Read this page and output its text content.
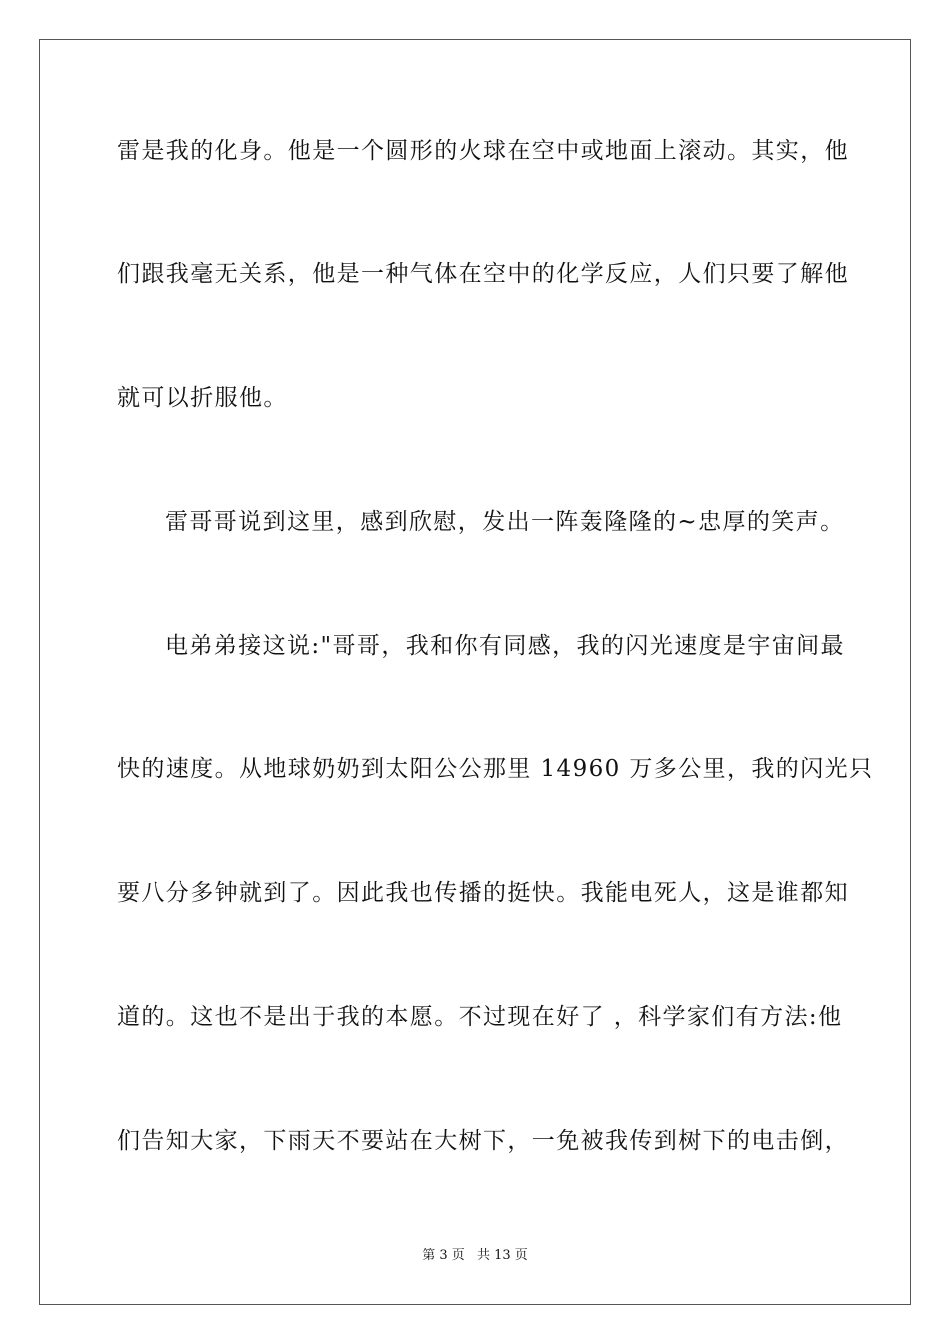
雷是我的化身。他是一个圆形的火球在空中或地面上滚动。其实，他
们跟我毫无关系，他是一种气体在空中的化学反应，人们只要了解他
就可以折服他。
雷哥哥说到这里，感到欣慰，发出一阵轰隆隆的~忠厚的笑声。
电弟弟接这说:"哥哥，我和你有同感，我的闪光速度是宇宙间最
快的速度。从地球奶奶到太阳公公那里 14960 万多公里，我的闪光只
要八分多钟就到了。因此我也传播的挺快。我能电死人，这是谁都知
道的。这也不是出于我的本愿。不过现在好了 ，科学家们有方法:他
们告知大家，下雨天不要站在大树下，一免被我传到树下的电击倒，
第 3 页 共 13 页
